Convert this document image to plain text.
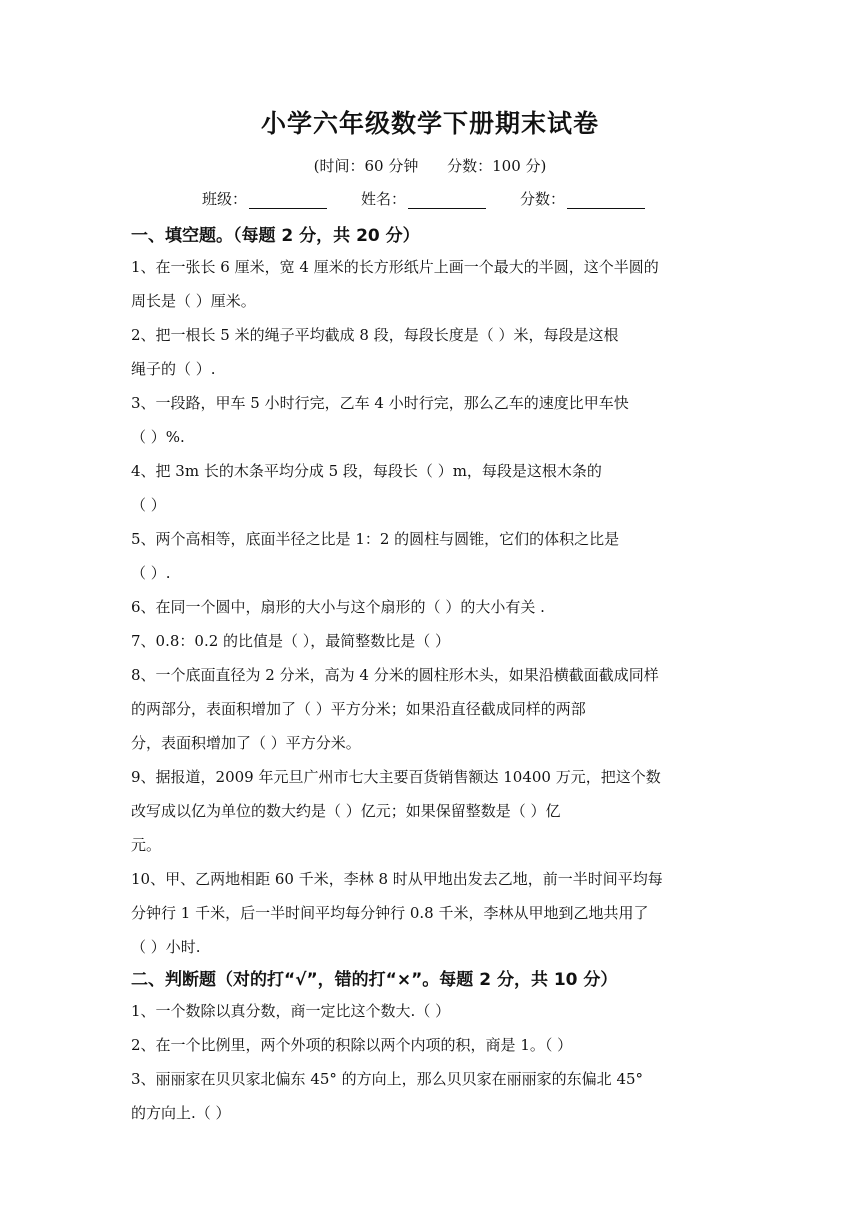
小学六年级数学下册期末试卷
(时间：60 分钟 分数：100 分)
班级：	姓名：	分数：
一、填空题。（每题 2 分，共 20 分）
1、在一张长 6 厘米，宽 4 厘米的长方形纸片上画一个最大的半圆，这个半圆的
周长是（ ）厘米。
2、把一根长 5 米的绳子平均截成 8 段，每段长度是（ ）米，每段是这根
绳子的（ ）.
3、一段路，甲车 5 小时行完，乙车 4 小时行完，那么乙车的速度比甲车快
（ ）%.
4、把 3m 长的木条平均分成 5 段，每段长（ ）m，每段是这根木条的
（ ）
5、两个高相等，底面半径之比是 1：2 的圆柱与圆锥，它们的体积之比是
（ ）.
6、在同一个圆中，扇形的大小与这个扇形的（ ）的大小有关 .
7、0.8：0.2 的比值是（ ），最简整数比是（ ）
8、一个底面直径为 2 分米，高为 4 分米的圆柱形木头，如果沿横截面截成同样
的两部分，表面积增加了（ ）平方分米；如果沿直径截成同样的两部
分，表面积增加了（ ）平方分米。
9、据报道，2009 年元旦广州市七大主要百货销售额达 10400 万元，把这个数
改写成以亿为单位的数大约是（ ）亿元；如果保留整数是（ ）亿
元。
10、甲、乙两地相距 60 千米，李林 8 时从甲地出发去乙地，前一半时间平均每
分钟行 1 千米，后一半时间平均每分钟行 0.8 千米，李林从甲地到乙地共用了
（ ）小时.
二、判断题（对的打“√”，错的打“×”。每题 2 分，共 10 分）
1、一个数除以真分数，商一定比这个数大.（ ）
2、在一个比例里，两个外项的积除以两个内项的积，商是 1。（ ）
3、丽丽家在贝贝家北偏东 45° 的方向上，那么贝贝家在丽丽家的东偏北 45°
的方向上.（ ）
